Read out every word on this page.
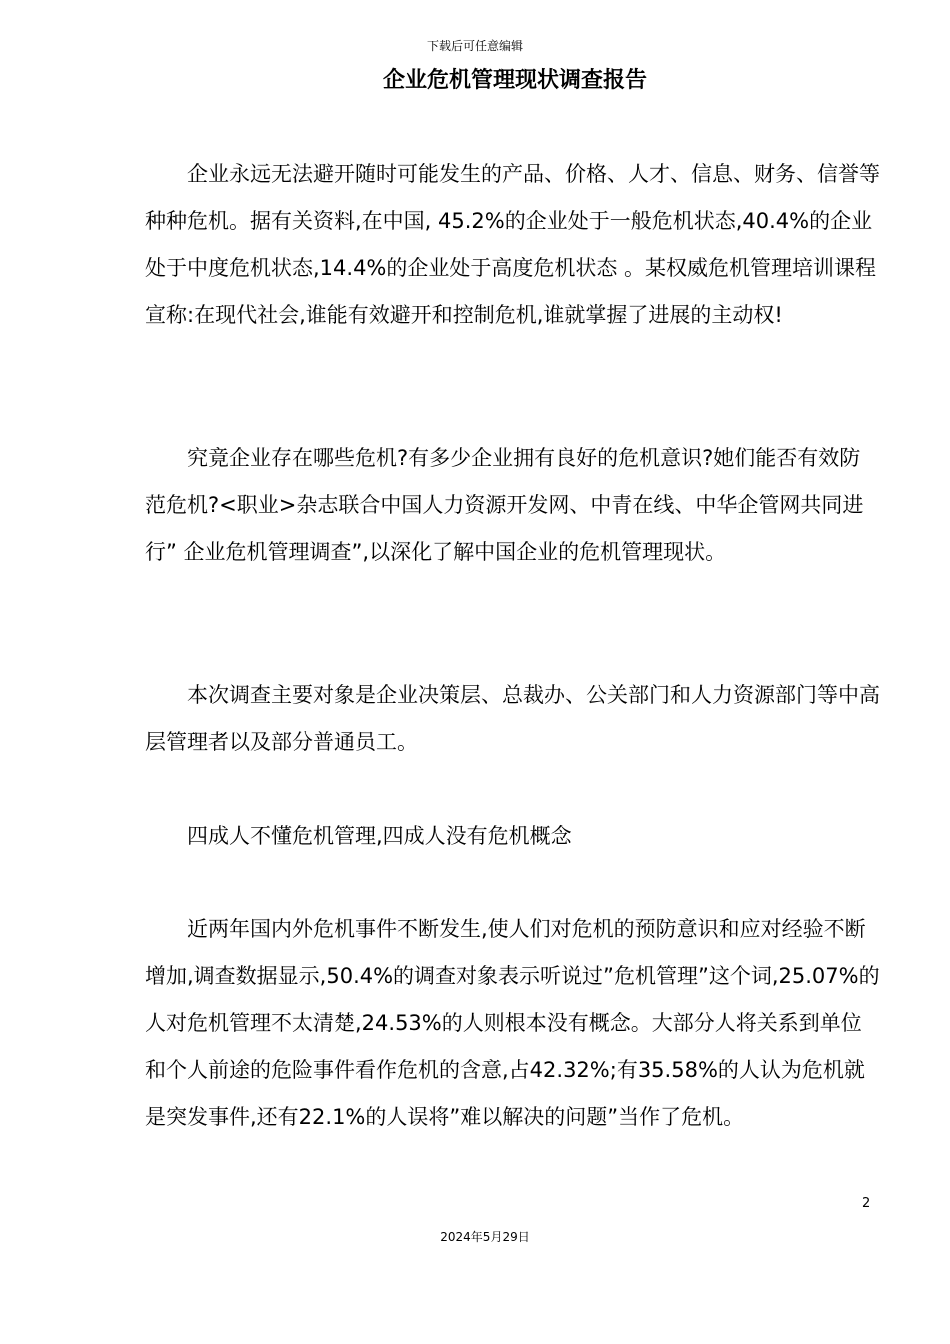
下载后可任意编辑
企业危机管理现状调查报告

企业永远无法避开随时可能发生的产品、价格、人才、信息、财务、信誉等种种危机。据有关资料,在中国, 45.2%的企业处于一般危机状态,40.4%的企业处于中度危机状态,14.4%的企业处于高度危机状态 。某权威危机管理培训课程宣称:在现代社会,谁能有效避开和控制危机,谁就掌握了进展的主动权!

究竟企业存在哪些危机?有多少企业拥有良好的危机意识?她们能否有效防范危机?<职业>杂志联合中国人力资源开发网、中青在线、中华企管网共同进行” 企业危机管理调查”,以深化了解中国企业的危机管理现状。

本次调查主要对象是企业决策层、总裁办、公关部门和人力资源部门等中高层管理者以及部分普通员工。

四成人不懂危机管理,四成人没有危机概念

近两年国内外危机事件不断发生,使人们对危机的预防意识和应对经验不断增加,调查数据显示,50.4%的调查对象表示听说过”危机管理”这个词,25.07%的人对危机管理不太清楚,24.53%的人则根本没有概念。大部分人将关系到单位和个人前途的危险事件看作危机的含意,占42.32%;有35.58%的人认为危机就是突发事件,还有22.1%的人误将”难以解决的问题”当作了危机。

2
2024年5月29日
